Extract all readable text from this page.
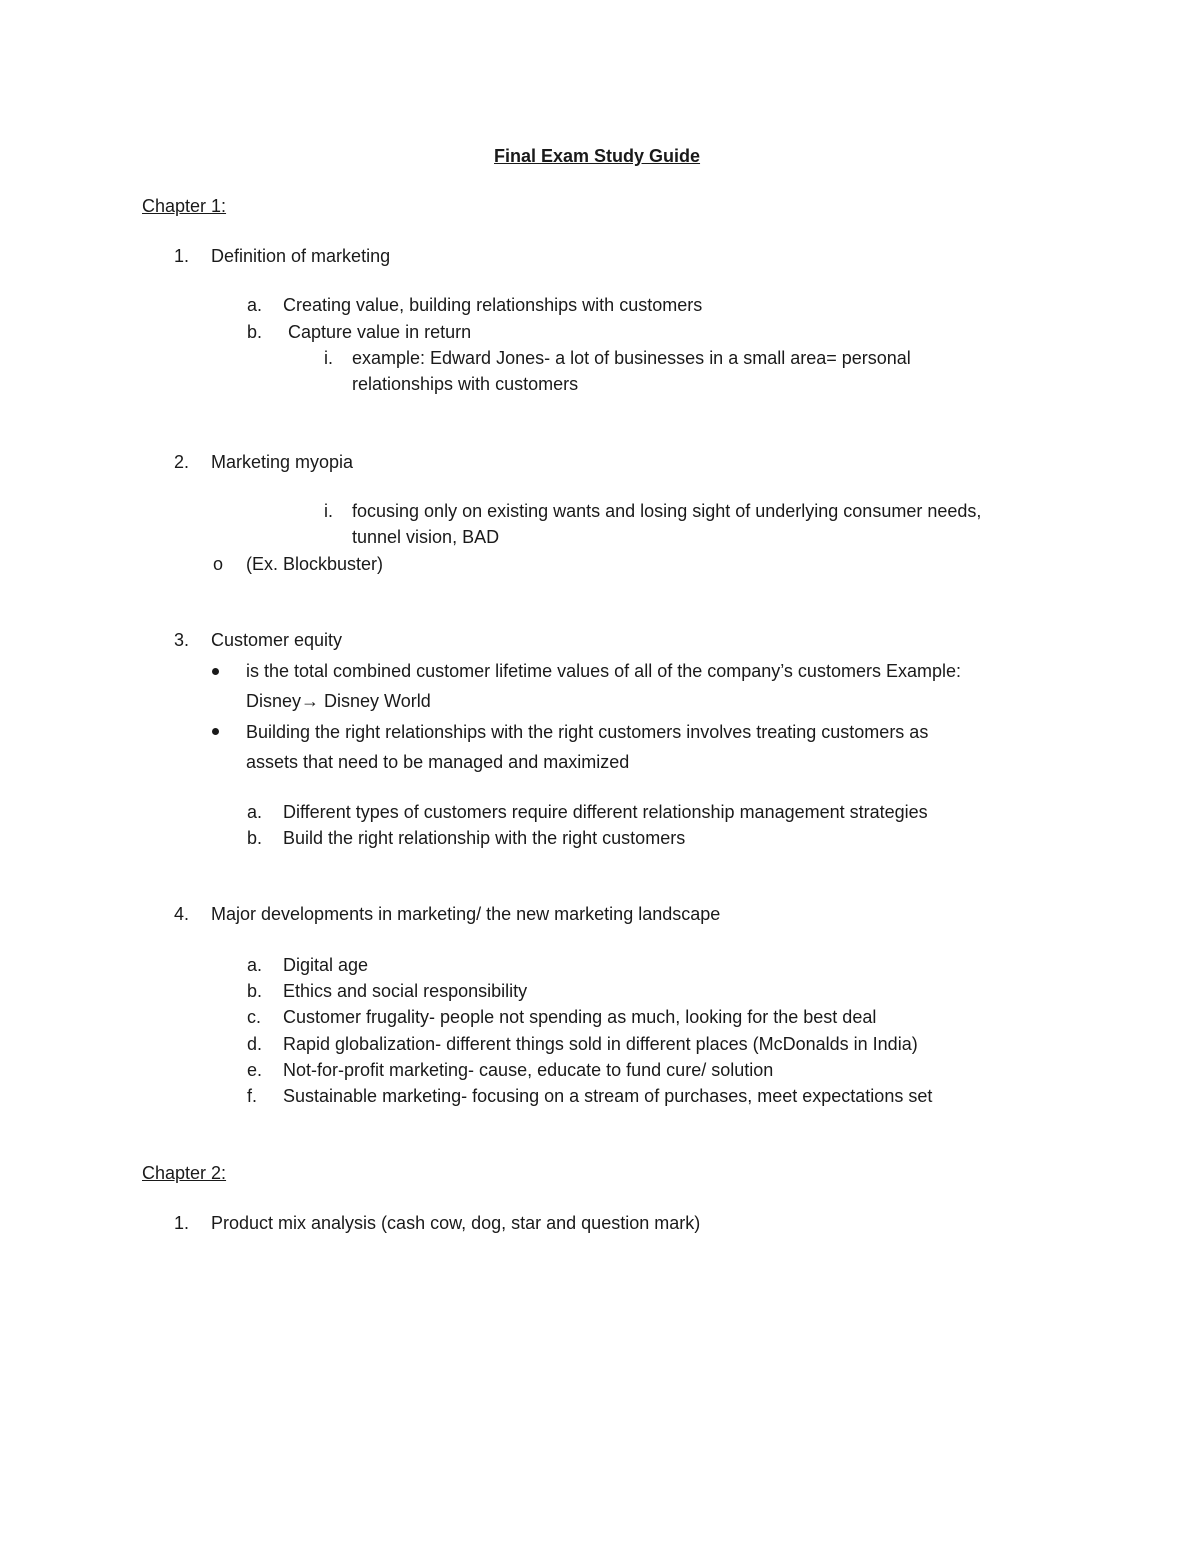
Final Exam Study Guide
Chapter 1:
1. Definition of marketing
a. Creating value, building relationships with customers
b. Capture value in return
i. example: Edward Jones- a lot of businesses in a small area= personal
relationships with customers
2. Marketing myopia
i. focusing only on existing wants and losing sight of underlying consumer needs,
tunnel vision, BAD
o (Ex. Blockbuster)
3. Customer equity
is the total combined customer lifetime values of all of the company’s customers Example:
Disney→ Disney World
Building the right relationships with the right customers involves treating customers as
assets that need to be managed and maximized
a. Different types of customers require different relationship management strategies
b. Build the right relationship with the right customers
4. Major developments in marketing/ the new marketing landscape
a. Digital age
b. Ethics and social responsibility
c. Customer frugality- people not spending as much, looking for the best deal
d. Rapid globalization- different things sold in different places (McDonalds in India)
e. Not-for-profit marketing- cause, educate to fund cure/ solution
f. Sustainable marketing- focusing on a stream of purchases, meet expectations set
Chapter 2:
1. Product mix analysis (cash cow, dog, star and question mark)
